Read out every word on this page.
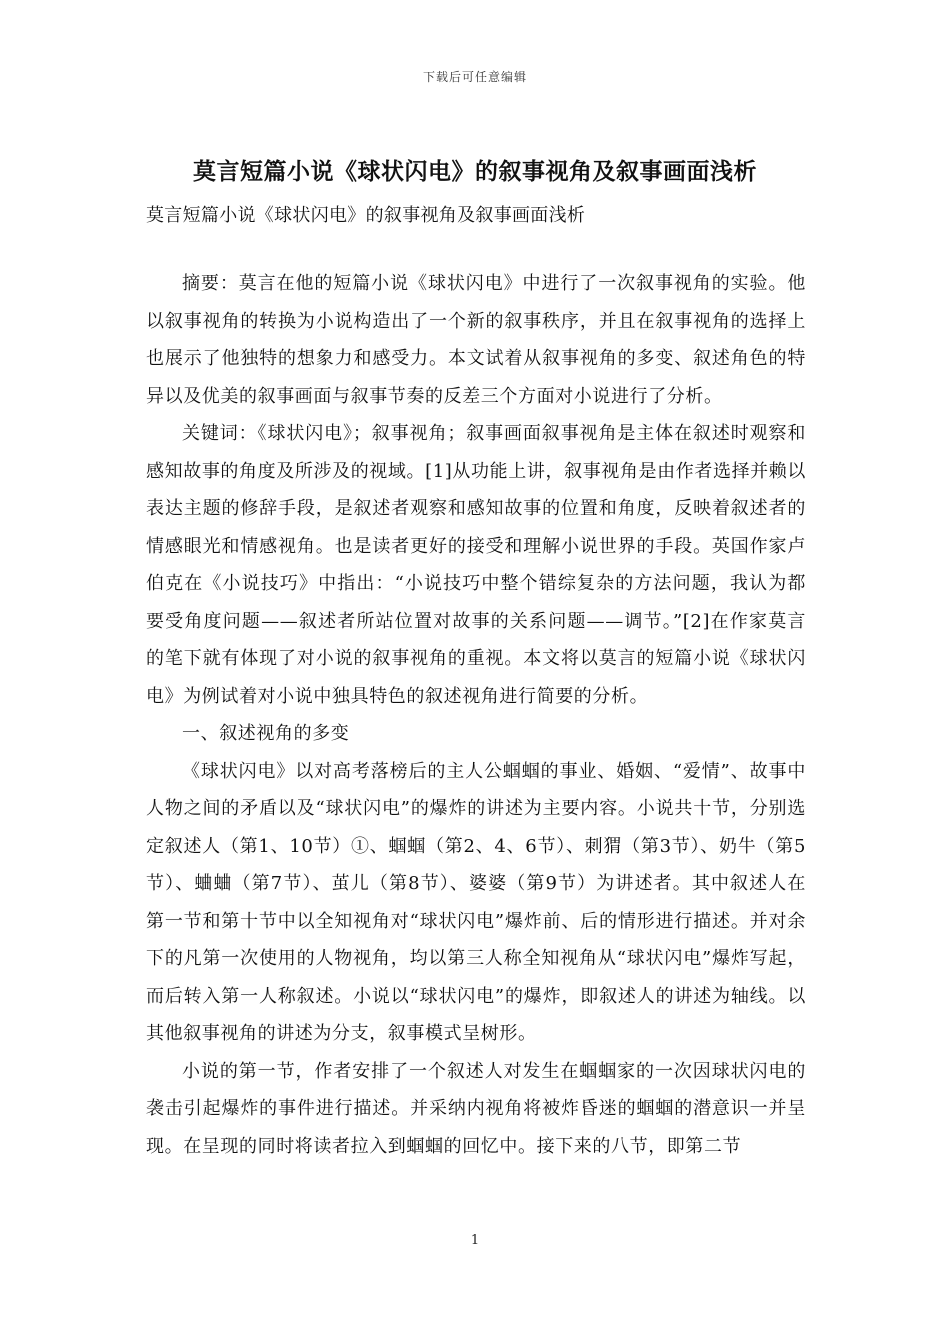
下载后可任意编辑
莫言短篇小说《球状闪电》的叙事视角及叙事画面浅析
莫言短篇小说《球状闪电》的叙事视角及叙事画面浅析

摘要：莫言在他的短篇小说《球状闪电》中进行了一次叙事视角的实验。他以叙事视角的转换为小说构造出了一个新的叙事秩序，并且在叙事视角的选择上也展示了他独特的想象力和感受力。本文试着从叙事视角的多变、叙述角色的特异以及优美的叙事画面与叙事节奏的反差三个方面对小说进行了分析。

关键词：《球状闪电》；叙事视角；叙事画面叙事视角是主体在叙述时观察和感知故事的角度及所涉及的视域。[1]从功能上讲，叙事视角是由作者选择并赖以表达主题的修辞手段，是叙述者观察和感知故事的位置和角度，反映着叙述者的情感眼光和情感视角。也是读者更好的接受和理解小说世界的手段。英国作家卢伯克在《小说技巧》中指出：“小说技巧中整个错综复杂的方法问题，我认为都要受角度问题——叙述者所站位置对故事的关系问题——调节。”[2]在作家莫言的笔下就有体现了对小说的叙事视角的重视。本文将以莫言的短篇小说《球状闪电》为例试着对小说中独具特色的叙述视角进行简要的分析。

一、叙述视角的多变

《球状闪电》以对高考落榜后的主人公蝈蝈的事业、婚姻、“爱情”、故事中人物之间的矛盾以及“球状闪电”的爆炸的讲述为主要内容。小说共十节，分别选定叙述人（第1、10节）①、蝈蝈（第2、4、6节）、刺猬（第3节）、奶牛（第5节）、蛐蛐（第7节）、茧儿（第8节）、婆婆（第9节）为讲述者。其中叙述人在第一节和第十节中以全知视角对“球状闪电”爆炸前、后的情形进行描述。并对余下的凡第一次使用的人物视角，均以第三人称全知视角从“球状闪电”爆炸写起，而后转入第一人称叙述。小说以“球状闪电”的爆炸，即叙述人的讲述为轴线。以其他叙事视角的讲述为分支，叙事模式呈树形。

小说的第一节，作者安排了一个叙述人对发生在蝈蝈家的一次因球状闪电的袭击引起爆炸的事件进行描述。并采纳内视角将被炸昏迷的蝈蝈的潜意识一并呈现。在呈现的同时将读者拉入到蝈蝈的回忆中。接下来的八节，即第二节

1
